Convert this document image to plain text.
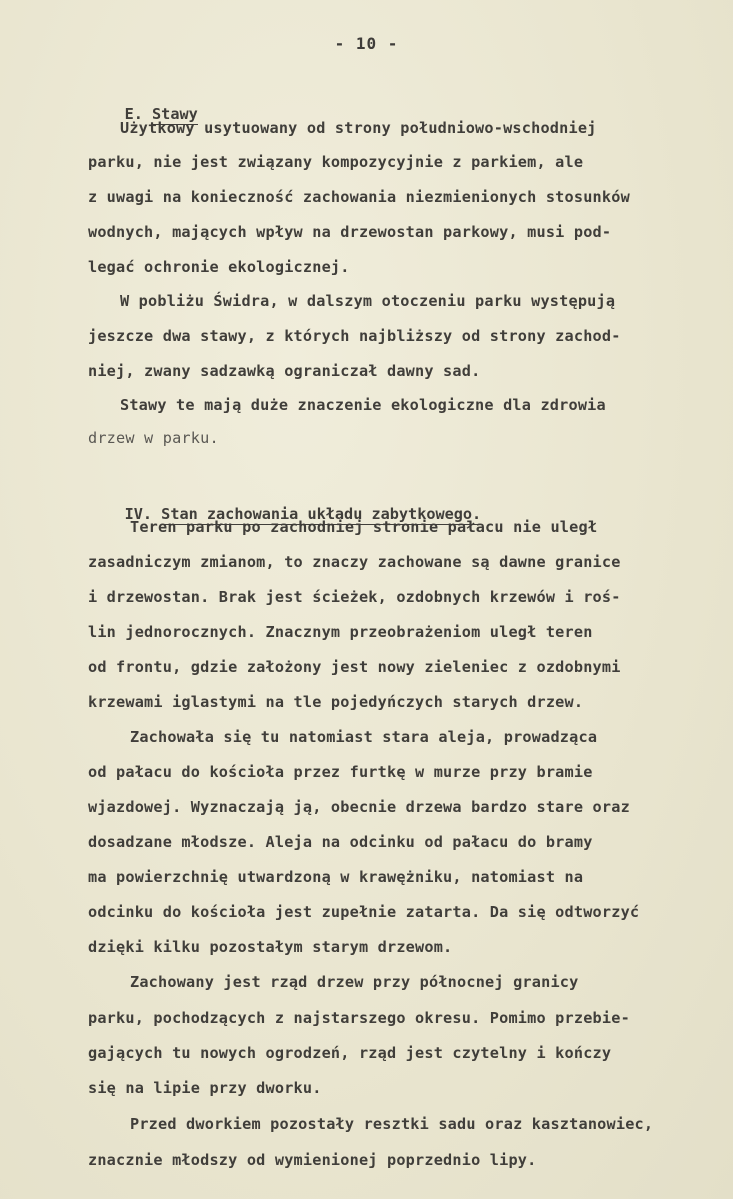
- 10 -

E. Stawy

Użytkowy usytuowany od strony południowo-wschodniej
parku, nie jest związany kompozycyjnie z parkiem, ale
z uwagi na konieczność zachowania niezmienionych stosunków
wodnych, mających wpływ na drzewostan parkowy, musi pod-
legać ochronie ekologicznej.
W pobliżu Świdra, w dalszym otoczeniu parku występują
jeszcze dwa stawy, z których najbliższy od strony zachod-
niej, zwany sadzawką ograniczał dawny sad.
Stawy te mają duże znaczenie ekologiczne dla zdrowia
drzew w parku.

IV. Stan zachowania układu zabytkowego.

Teren parku po zachodniej stronie pałacu nie uległ
zasadniczym zmianom, to znaczy zachowane są dawne granice
i drzewostan. Brak jest ścieżek, ozdobnych krzewów i roś-
lin jednorocznych. Znacznym przeobrażeniom uległ teren
od frontu, gdzie założony jest nowy zieleniec z ozdobnymi
krzewami iglastymi na tle pojedyńczych starych drzew.
Zachowała się tu natomiast stara aleja, prowadząca
od pałacu do kościoła przez furtkę w murze przy bramie
wjazdowej. Wyznaczają ją, obecnie drzewa bardzo stare oraz
dosadzane młodsze. Aleja na odcinku od pałacu do bramy
ma powierzchnię utwardzoną w krawężniku, natomiast na
odcinku do kościoła jest zupełnie zatarta. Da się odtworzyć
dzięki kilku pozostałym starym drzewom.
Zachowany jest rząd drzew przy północnej granicy
parku, pochodzących z najstarszego okresu. Pomimo przebie-
gających tu nowych ogrodzeń, rząd jest czytelny i kończy
się na lipie przy dworku.
Przed dworkiem pozostały resztki sadu oraz kasztanowiec,
znacznie młodszy od wymienionej poprzednio lipy.
